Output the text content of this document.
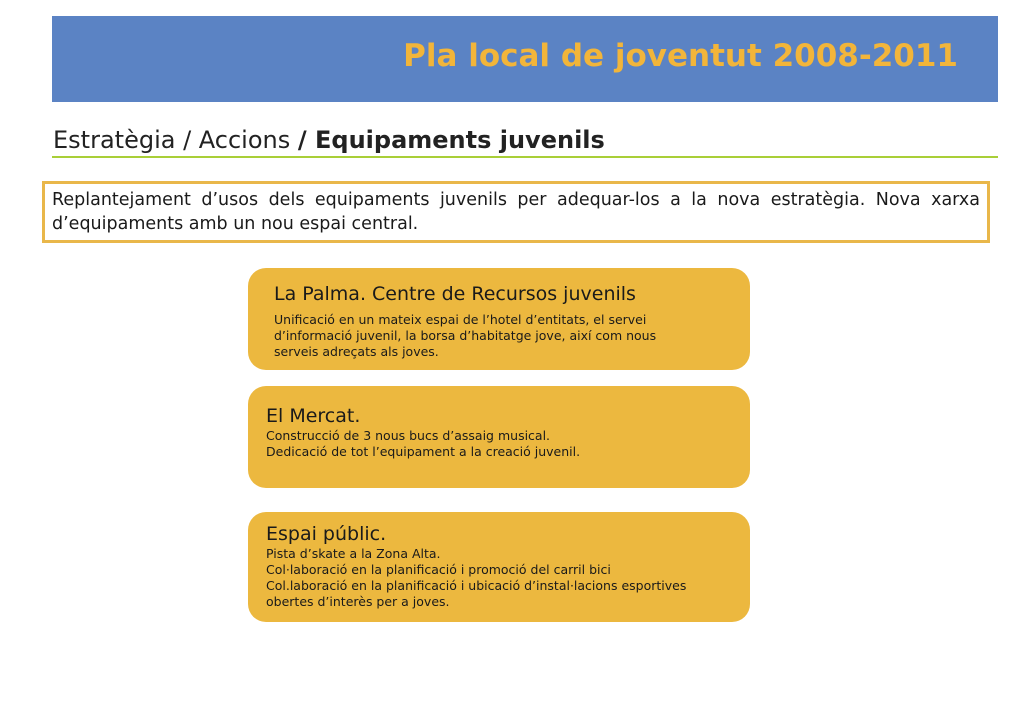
Pla local de joventut 2008-2011
Estratègia / Accions / Equipaments juvenils
Replantejament d’usos dels equipaments juvenils per adequar-los a la nova estratègia. Nova xarxa d’equipaments amb un nou espai central.
La Palma. Centre de Recursos juvenils
Unificació en un mateix espai de l’hotel d’entitats, el servei
d’informació juvenil, la borsa d’habitatge jove, així com nous
serveis adreçats als joves.
El Mercat.
Construcció de 3 nous bucs d’assaig musical.
Dedicació de tot l’equipament a la creació juvenil.
Espai públic.
Pista d’skate a la Zona Alta.
Col·laboració en la planificació i promoció del carril bici
Col.laboració en la planificació i ubicació d’instal·lacions esportives
obertes d’interès per a joves.
